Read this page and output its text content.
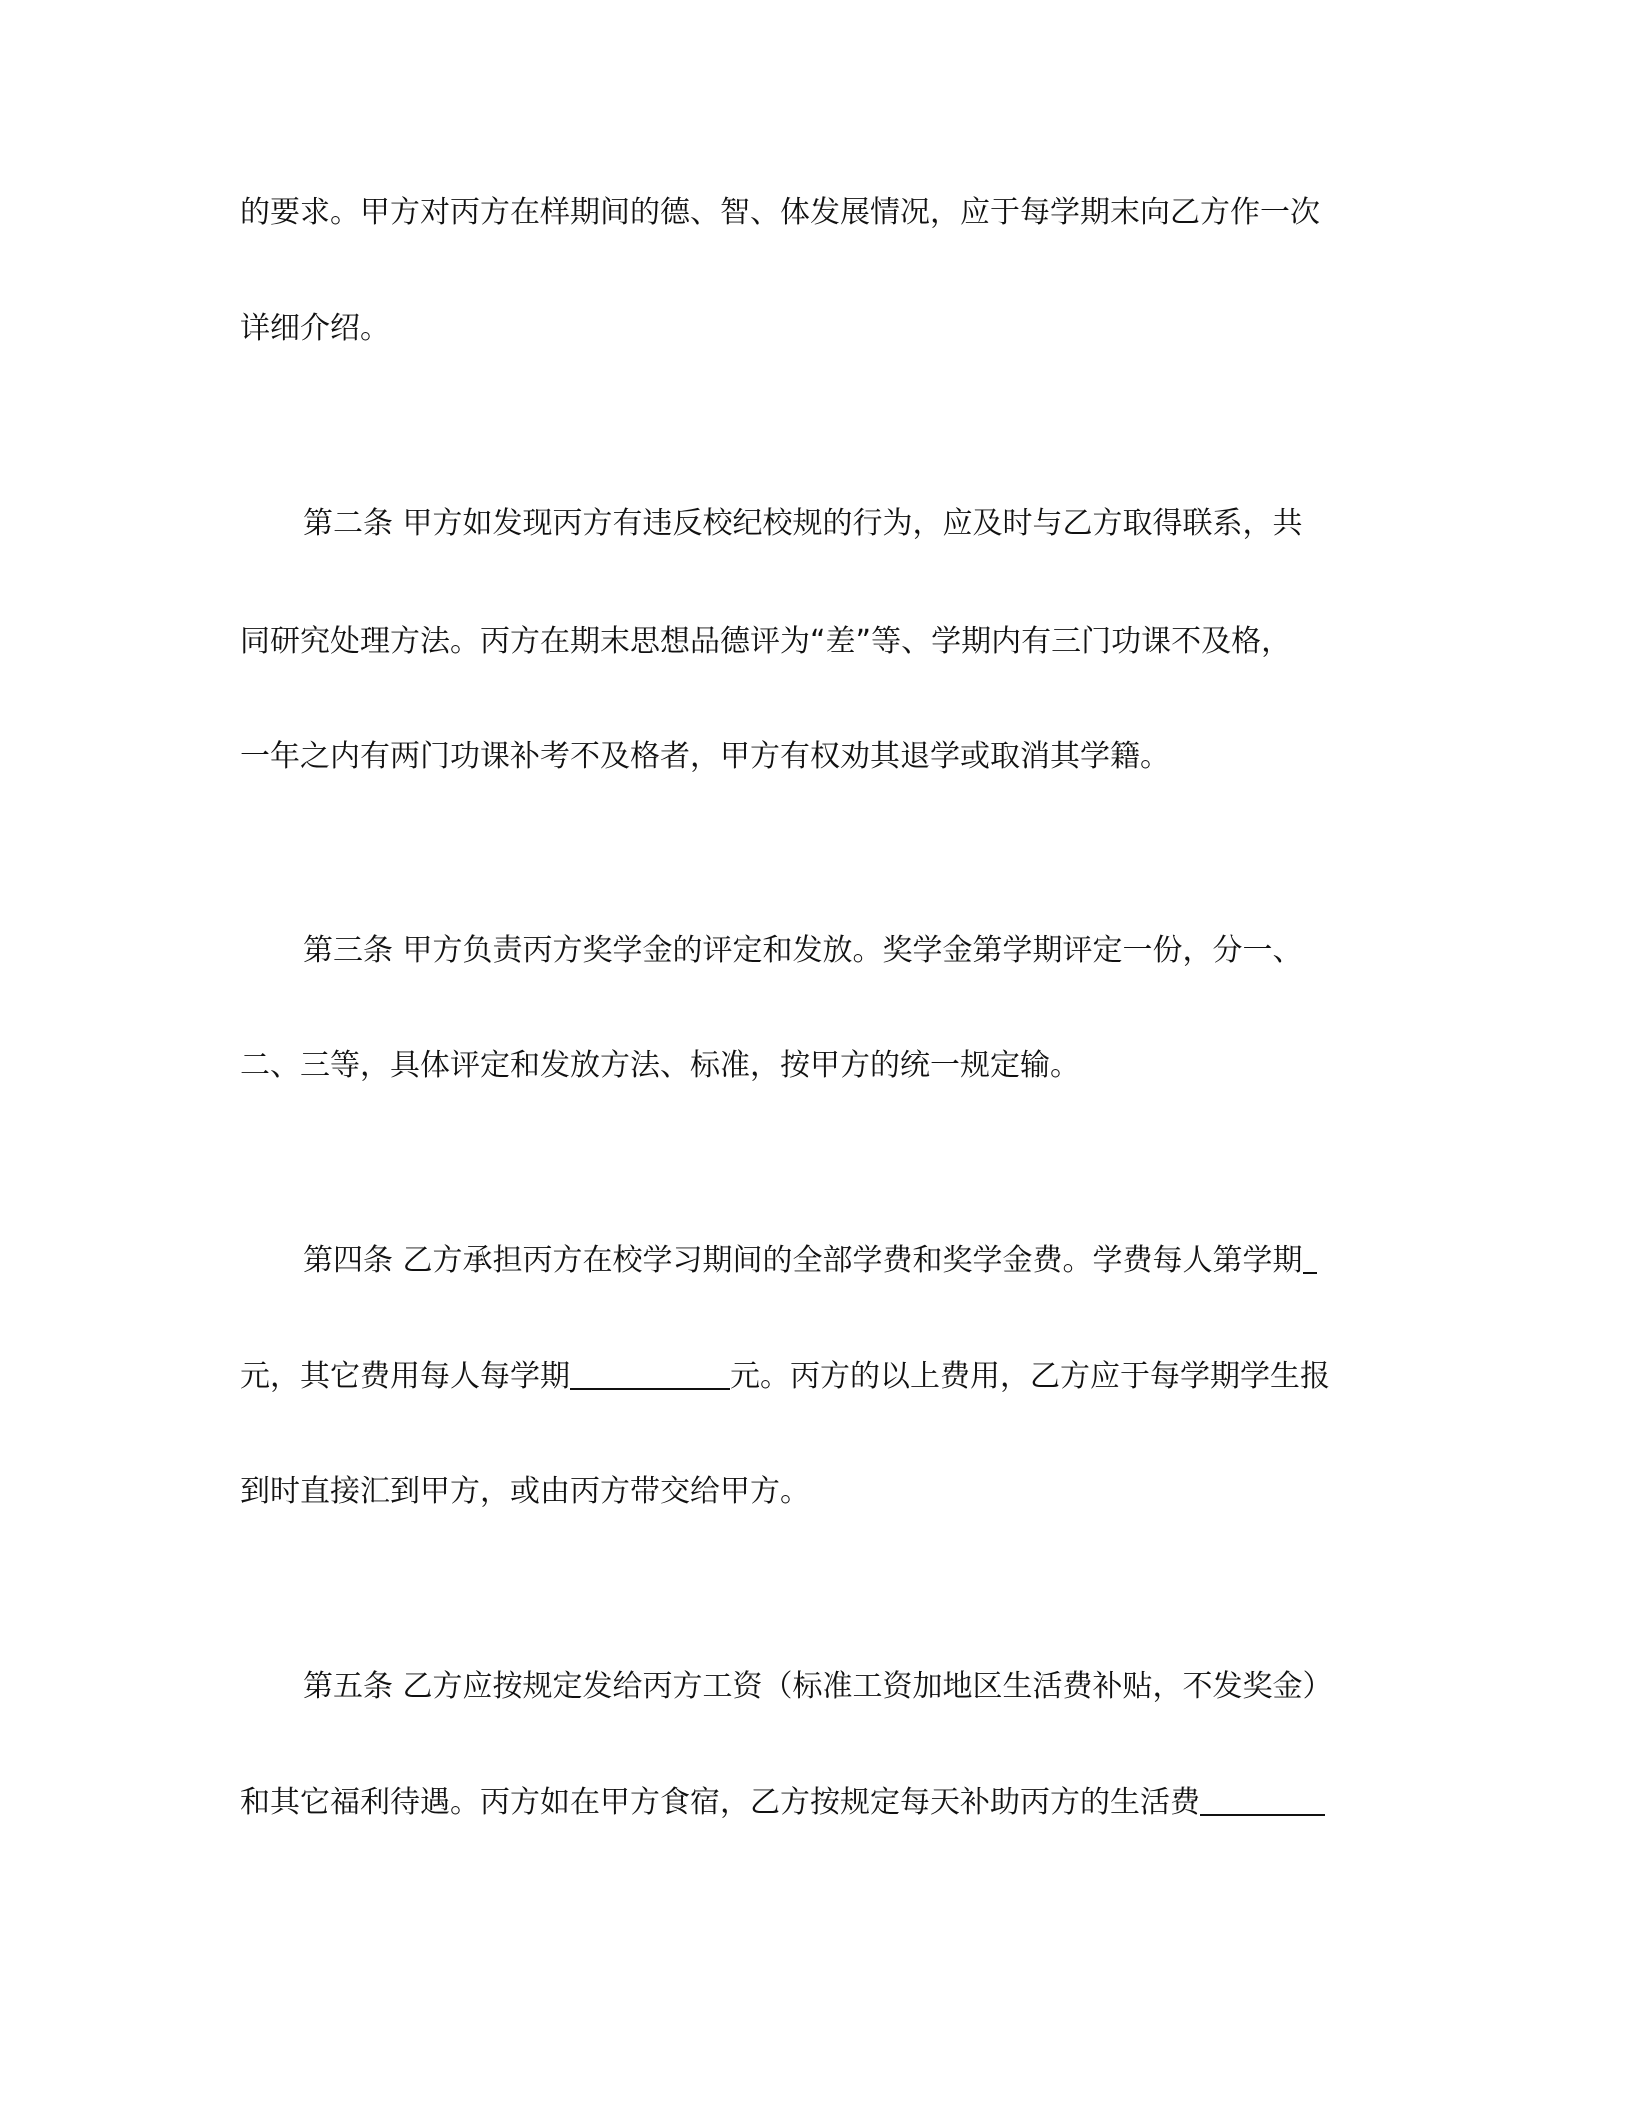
的要求。甲方对丙方在样期间的德、智、体发展情况，应于每学期末向乙方作一次
详细介绍。
第二条 甲方如发现丙方有违反校纪校规的行为，应及时与乙方取得联系，共
同研究处理方法。丙方在期末思想品德评为“差”等、学期内有三门功课不及格，
一年之内有两门功课补考不及格者，甲方有权劝其退学或取消其学籍。
第三条 甲方负责丙方奖学金的评定和发放。奖学金第学期评定一份，分一、
二、三等，具体评定和发放方法、标准，按甲方的统一规定输。
第四条 乙方承担丙方在校学习期间的全部学费和奖学金费。学费每人第学期
元，其它费用每人每学期	元。丙方的以上费用，乙方应于每学期学生报
到时直接汇到甲方，或由丙方带交给甲方。
第五条 乙方应按规定发给丙方工资（标准工资加地区生活费补贴，不发奖金）
和其它福利待遇。丙方如在甲方食宿，乙方按规定每天补助丙方的生活费
